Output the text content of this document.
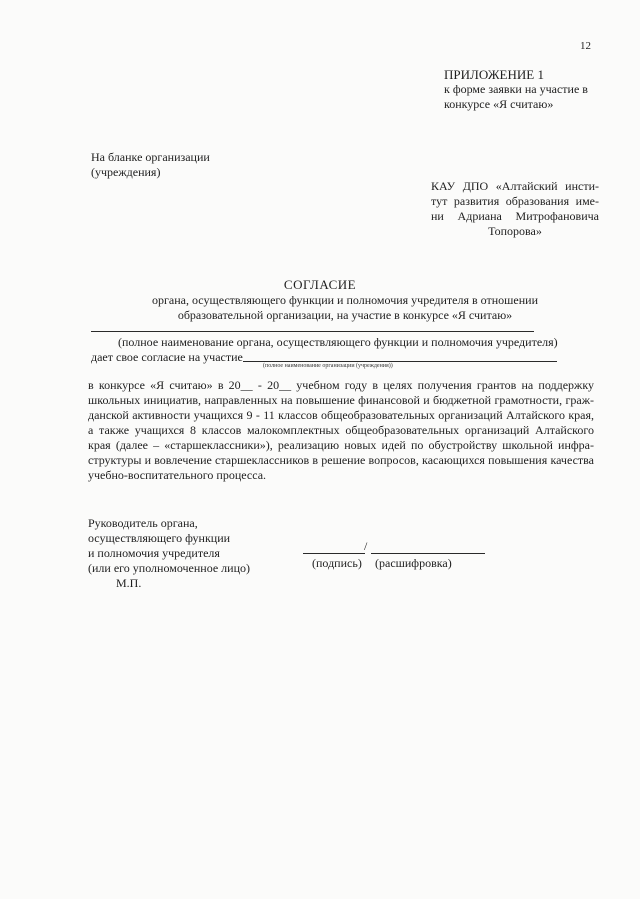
12
ПРИЛОЖЕНИЕ 1
к форме заявки на участие в
конкурсе «Я считаю»
На бланке организации
(учреждения)
КАУ ДПО «Алтайский инсти-
тут развития образования име-
ни Адриана Митрофановича
Топорова»
СОГЛАСИЕ
органа, осуществляющего функции и полномочия учредителя в отношении
образовательной организации, на участие в конкурсе «Я считаю»
(полное наименование органа, осуществляющего функции и полномочия учредителя)
дает свое согласие на участие
(полное наименование организации (учреждения))
в конкурсе «Я считаю» в 20__ - 20__ учебном году в целях получения грантов на поддержку
школьных инициатив, направленных на повышение финансовой и бюджетной грамотности, граж-
данской активности учащихся 9 - 11 классов общеобразовательных организаций Алтайского края,
а также учащихся 8 классов малокомплектных общеобразовательных организаций Алтайского
края (далее – «старшеклассники»), реализацию новых идей по обустройству школьной инфра-
структуры и вовлечение старшеклассников в решение вопросов, касающихся повышения качества
учебно-воспитательного процесса.
Руководитель органа,
осуществляющего функции
и полномочия учредителя
(или его уполномоченное лицо)
М.П.
/
(подпись) (расшифровка)
